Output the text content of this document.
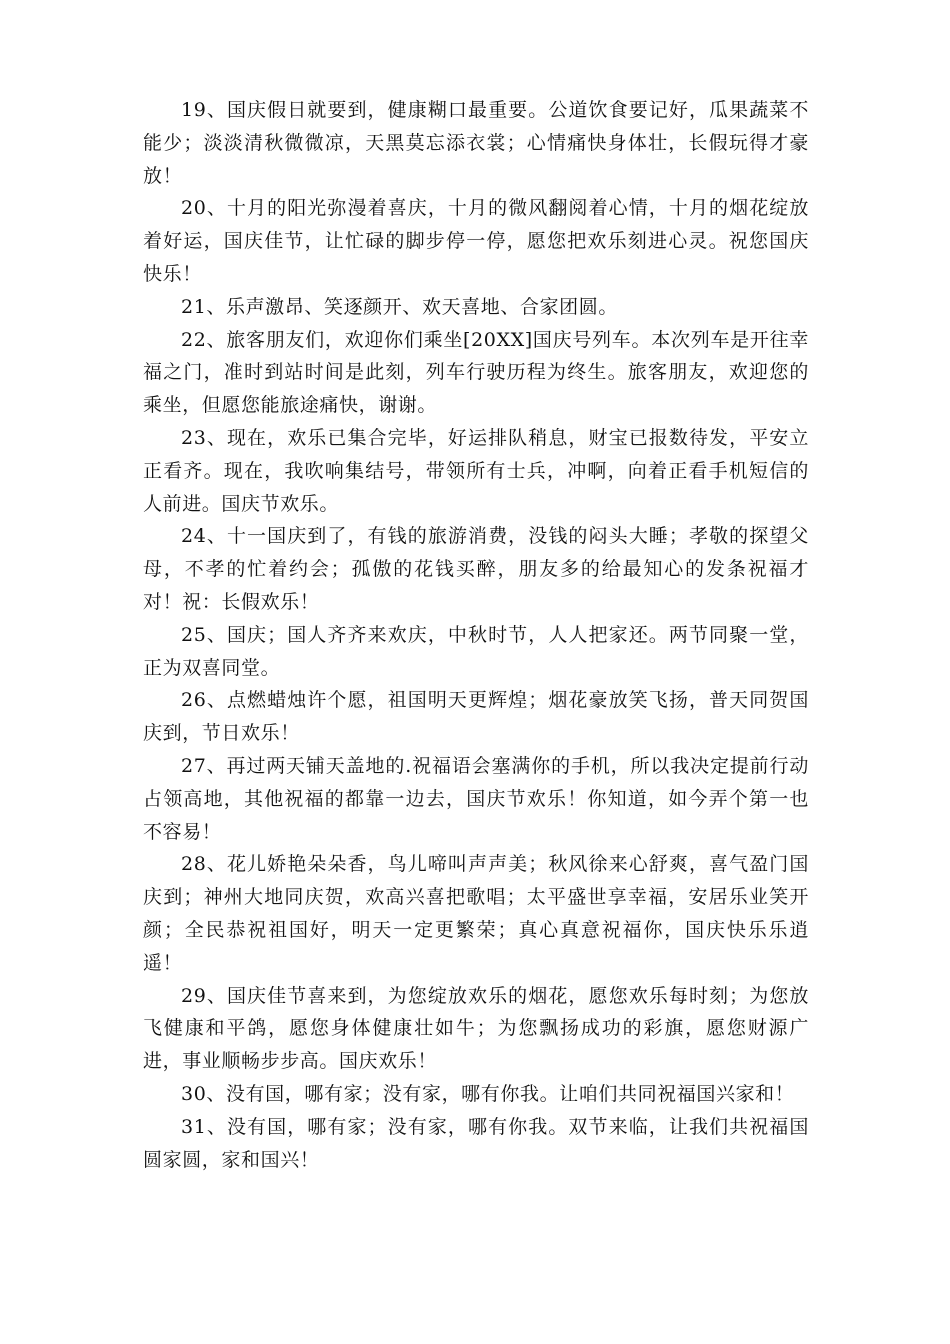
19、国庆假日就要到，健康糊口最重要。公道饮食要记好，瓜果蔬菜不能少；淡淡清秋微微凉，天黑莫忘添衣裳；心情痛快身体壮，长假玩得才豪放！

20、十月的阳光弥漫着喜庆，十月的微风翻阅着心情，十月的烟花绽放着好运，国庆佳节，让忙碌的脚步停一停，愿您把欢乐刻进心灵。祝您国庆快乐！

21、乐声激昂、笑逐颜开、欢天喜地、合家团圆。

22、旅客朋友们，欢迎你们乘坐[20XX]国庆号列车。本次列车是开往幸福之门，准时到站时间是此刻，列车行驶历程为终生。旅客朋友，欢迎您的乘坐，但愿您能旅途痛快，谢谢。

23、现在，欢乐已集合完毕，好运排队稍息，财宝已报数待发，平安立正看齐。现在，我吹响集结号，带领所有士兵，冲啊，向着正看手机短信的人前进。国庆节欢乐。

24、十一国庆到了，有钱的旅游消费，没钱的闷头大睡；孝敬的探望父母，不孝的忙着约会；孤傲的花钱买醉，朋友多的给最知心的发条祝福才对！祝：长假欢乐！

25、国庆；国人齐齐来欢庆，中秋时节，人人把家还。两节同聚一堂，正为双喜同堂。

26、点燃蜡烛许个愿，祖国明天更辉煌；烟花豪放笑飞扬，普天同贺国庆到，节日欢乐！

27、再过两天铺天盖地的.祝福语会塞满你的手机，所以我决定提前行动占领高地，其他祝福的都靠一边去，国庆节欢乐！你知道，如今弄个第一也不容易！

28、花儿娇艳朵朵香，鸟儿啼叫声声美；秋风徐来心舒爽，喜气盈门国庆到；神州大地同庆贺，欢高兴喜把歌唱；太平盛世享幸福，安居乐业笑开颜；全民恭祝祖国好，明天一定更繁荣；真心真意祝福你，国庆快乐乐逍遥！

29、国庆佳节喜来到，为您绽放欢乐的烟花，愿您欢乐每时刻；为您放飞健康和平鸽，愿您身体健康壮如牛；为您飘扬成功的彩旗，愿您财源广进，事业顺畅步步高。国庆欢乐！

30、没有国，哪有家；没有家，哪有你我。让咱们共同祝福国兴家和！

31、没有国，哪有家；没有家，哪有你我。双节来临，让我们共祝福国圆家圆，家和国兴！
